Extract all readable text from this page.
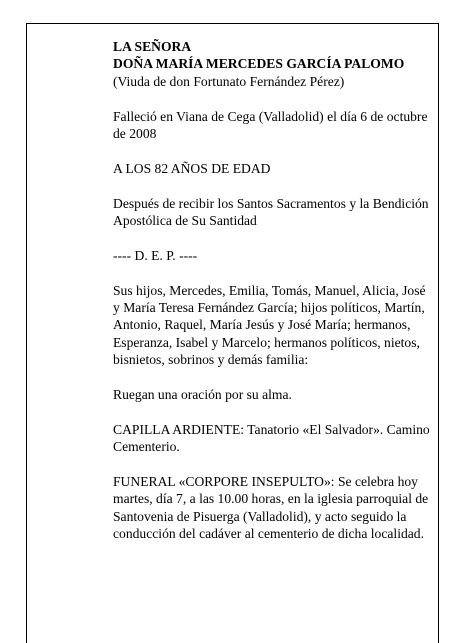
LA SEÑORA
DOÑA MARÍA MERCEDES GARCÍA PALOMO

(Viuda de don Fortunato Fernández Pérez)

Falleció en Viana de Cega (Valladolid) el día 6 de octubre de 2008

A LOS 82 AÑOS DE EDAD

Después de recibir los Santos Sacramentos y la Bendición Apostólica de Su Santidad

---- D. E. P. ----

Sus hijos, Mercedes, Emilia, Tomás, Manuel, Alicia, José y María Teresa Fernández García; hijos políticos, Martín, Antonio, Raquel, María Jesús y José María; hermanos, Esperanza, Isabel y Marcelo; hermanos políticos, nietos, bisnietos, sobrinos y demás familia:

Ruegan una oración por su alma.

CAPILLA ARDIENTE: Tanatorio «El Salvador». Camino Cementerio.

FUNERAL «CORPORE INSEPULTO»: Se celebra hoy martes, día 7, a las 10.00 horas, en la iglesia parroquial de Santovenia de Pisuerga (Valladolid), y acto seguido la conducción del cadáver al cementerio de dicha localidad.
